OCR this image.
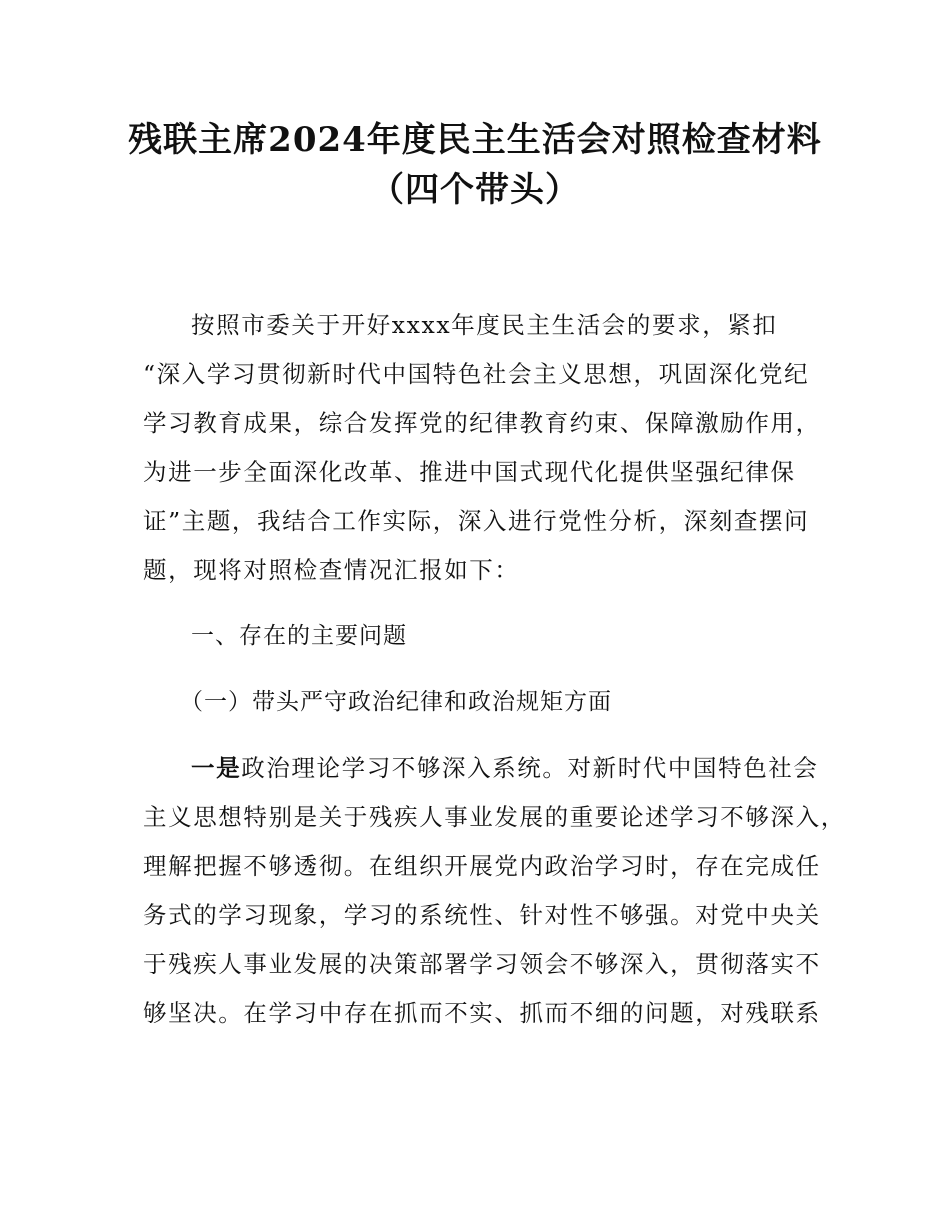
残联主席2024年度民主生活会对照检查材料
（四个带头）
按照市委关于开好xxxx年度民主生活会的要求，紧扣
“深入学习贯彻新时代中国特色社会主义思想，巩固深化党纪
学习教育成果，综合发挥党的纪律教育约束、保障激励作用，
为进一步全面深化改革、推进中国式现代化提供坚强纪律保
证”主题，我结合工作实际，深入进行党性分析，深刻查摆问
题，现将对照检查情况汇报如下：
一、存在的主要问题
（一）带头严守政治纪律和政治规矩方面
一是政治理论学习不够深入系统。对新时代中国特色社会
主义思想特别是关于残疾人事业发展的重要论述学习不够深入，
理解把握不够透彻。在组织开展党内政治学习时，存在完成任
务式的学习现象，学习的系统性、针对性不够强。对党中央关
于残疾人事业发展的决策部署学习领会不够深入，贯彻落实不
够坚决。在学习中存在抓而不实、抓而不细的问题，对残联系
